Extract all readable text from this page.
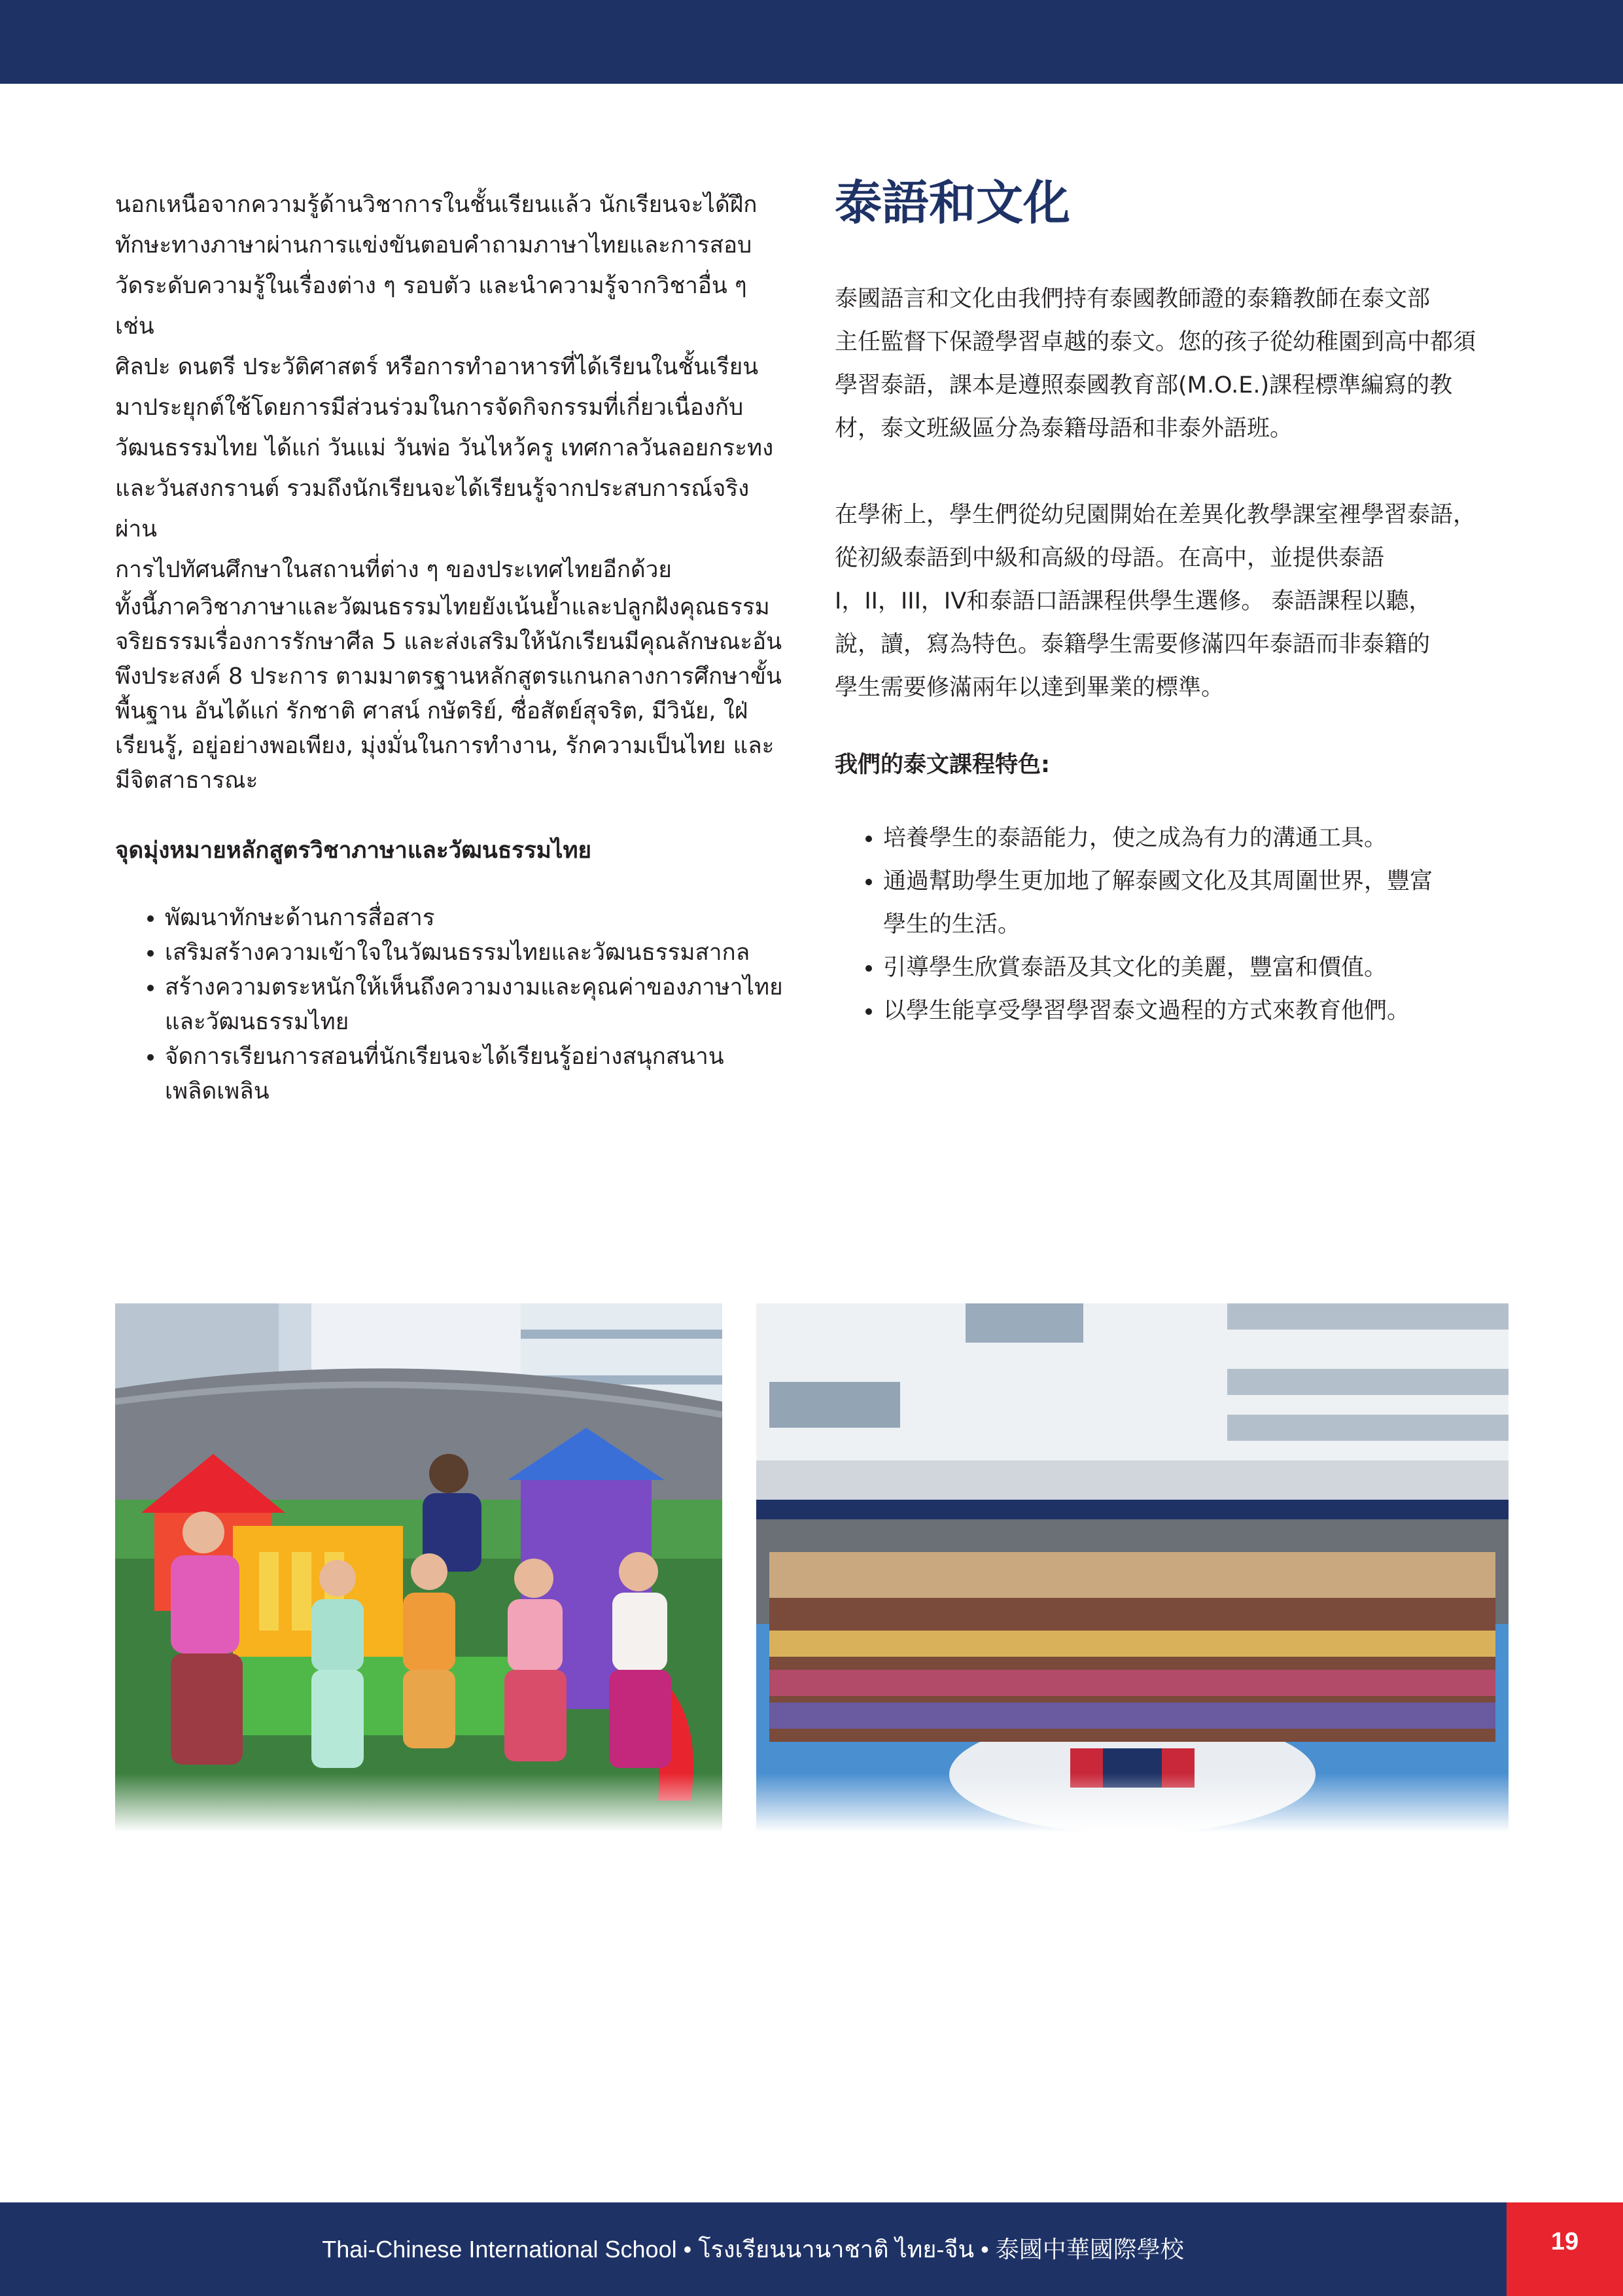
นอกเหนือจากความรู้ด้านวิชาการในชั้นเรียนแล้ว นักเรียนจะได้ฝึก

ทักษะทางภาษาผ่านการแข่งขันตอบคำถามภาษาไทยและการสอบ

วัดระดับความรู้ในเรื่องต่าง ๆ รอบตัว และนำความรู้จากวิชาอื่น ๆ เช่น

ศิลปะ ดนตรี ประวัติศาสตร์ หรือการทำอาหารที่ได้เรียนในชั้นเรียน

มาประยุกต์ใช้โดยการมีส่วนร่วมในการจัดกิจกรรมที่เกี่ยวเนื่องกับ

วัฒนธรรมไทย ได้แก่ วันแม่ วันพ่อ วันไหว้ครู เทศกาลวันลอยกระทง

และวันสงกรานต์ รวมถึงนักเรียนจะได้เรียนรู้จากประสบการณ์จริงผ่าน

การไปทัศนศึกษาในสถานที่ต่าง ๆ ของประเทศไทยอีกด้วย

ทั้งนี้ภาควิชาภาษาและวัฒนธรรมไทยยังเน้นย้ำและปลูกฝังคุณธรรม

จริยธรรมเรื่องการรักษาศีล 5 และส่งเสริมให้นักเรียนมีคุณลักษณะอัน

พึงประสงค์ 8 ประการ ตามมาตรฐานหลักสูตรแกนกลางการศึกษาขั้น

พื้นฐาน อันได้แก่ รักชาติ ศาสน์ กษัตริย์, ซื่อสัตย์สุจริต, มีวินัย, ใฝ่

เรียนรู้, อยู่อย่างพอเพียง, มุ่งมั่นในการทำงาน, รักความเป็นไทย และ

มีจิตสาธารณะ

จุดมุ่งหมายหลักสูตรวิชาภาษาและวัฒนธรรมไทย
• พัฒนาทักษะด้านการสื่อสาร
• เสริมสร้างความเข้าใจในวัฒนธรรมไทยและวัฒนธรรมสากล
• สร้างความตระหนักให้เห็นถึงความงามและคุณค่าของภาษาไทย
และวัฒนธรรมไทย
• จัดการเรียนการสอนที่นักเรียนจะได้เรียนรู้อย่างสนุกสนาน
เพลิดเพลิน
泰語和文化
泰國語言和文化由我們持有泰國教師證的泰籍教師在泰文部
主任監督下保證學習卓越的泰文。您的孩子從幼稚園到高中都須
學習泰語，課本是遵照泰國教育部(M.O.E.)課程標準編寫的教
材，泰文班級區分為泰籍母語和非泰外語班。
在學術上，學生們從幼兒園開始在差異化教學課室裡學習泰語，
從初級泰語到中級和高級的母語。在高中，並提供泰語
I，II，III，IV和泰語口語課程供學生選修。 泰語課程以聽，
說，讀，寫為特色。泰籍學生需要修滿四年泰語而非泰籍的
學生需要修滿兩年以達到畢業的標準。
我們的泰文課程特色:
• 培養學生的泰語能力，使之成為有力的溝通工具。
• 通過幫助學生更加地了解泰國文化及其周圍世界，豐富
學生的生活。
• 引導學生欣賞泰語及其文化的美麗，豐富和價值。
• 以學生能享受學習學習泰文過程的方式來教育他們。
Thai-Chinese International School • โรงเรียนนานาชาติ ไทย-จีน • 泰國中華國際學校	19
